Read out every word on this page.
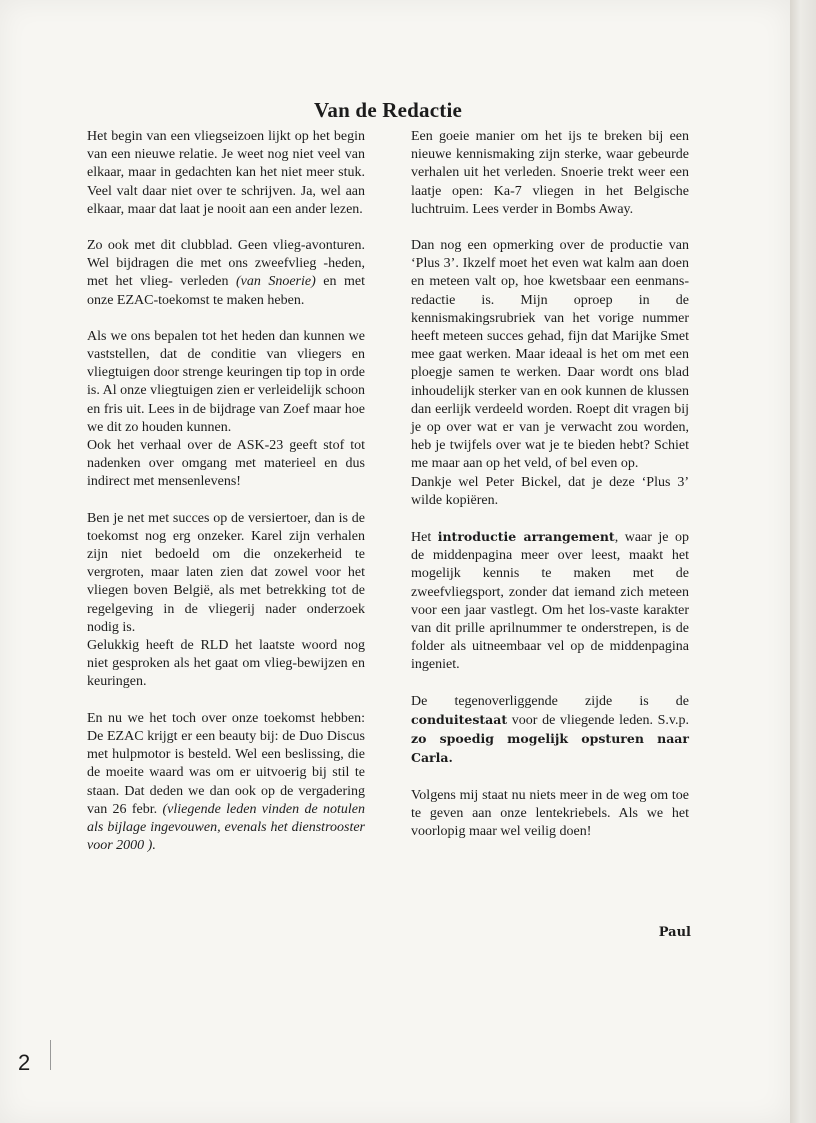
Van de Redactie

Het begin van een vliegseizoen lijkt op het begin van een nieuwe relatie. Je weet nog niet veel van elkaar, maar in gedachten kan het niet meer stuk. Veel valt daar niet over te schrijven. Ja, wel aan elkaar, maar dat laat je nooit aan een ander lezen.

Zo ook met dit clubblad. Geen vlieg-avonturen. Wel bijdragen die met ons zweefvlieg -heden, met het vlieg- verleden (van Snoerie) en met onze EZAC-toekomst te maken heben.

Als we ons bepalen tot het heden dan kunnen we vaststellen, dat de conditie van vliegers en vliegtuigen door strenge keuringen tip top in orde is. Al onze vliegtuigen zien er verleidelijk schoon en fris uit. Lees in de bijdrage van Zoef maar hoe we dit zo houden kunnen.

Ook het verhaal over de ASK-23 geeft stof tot nadenken over omgang met materieel en dus indirect met mensenlevens!

Ben je net met succes op de versiertoer, dan is de toekomst nog erg onzeker. Karel zijn verhalen zijn niet bedoeld om die onzekerheid te vergroten, maar laten zien dat zowel voor het vliegen boven België, als met betrekking tot de regelgeving in de vliegerij nader onderzoek nodig is.

Gelukkig heeft de RLD het laatste woord nog niet gesproken als het gaat om vlieg-bewijzen en keuringen.

En nu we het toch over onze toekomst hebben: De EZAC krijgt er een beauty bij: de Duo Discus met hulpmotor is besteld. Wel een beslissing, die de moeite waard was om er uitvoerig bij stil te staan. Dat deden we dan ook op de vergadering van 26 febr. (vliegende leden vinden de notulen als bijlage ingevouwen, evenals het dienstrooster voor 2000 ).

Een goeie manier om het ijs te breken bij een nieuwe kennismaking zijn sterke, waar gebeurde verhalen uit het verleden. Snoerie trekt weer een laatje open: Ka-7 vliegen in het Belgische luchtruim. Lees verder in Bombs Away.

Dan nog een opmerking over de productie van ‘Plus 3’. Ikzelf moet het even wat kalm aan doen en meteen valt op, hoe kwetsbaar een eenmans-redactie is. Mijn oproep in de kennismakingsrubriek van het vorige nummer heeft meteen succes gehad, fijn dat Marijke Smet mee gaat werken. Maar ideaal is het om met een ploegje samen te werken. Daar wordt ons blad inhoudelijk sterker van en ook kunnen de klussen dan eerlijk verdeeld worden. Roept dit vragen bij je op over wat er van je verwacht zou worden, heb je twijfels over wat je te bieden hebt? Schiet me maar aan op het veld, of bel even op.

Dankje wel Peter Bickel, dat je deze ‘Plus 3’ wilde kopiëren.

Het introductie arrangement, waar je op de middenpagina meer over leest, maakt het mogelijk kennis te maken met de zweefvliegsport, zonder dat iemand zich meteen voor een jaar vastlegt. Om het los-vaste karakter van dit prille aprilnummer te onderstrepen, is de folder als uitneembaar vel op de middenpagina ingeniet.

De tegenoverliggende zijde is de conduitestaat voor de vliegende leden. S.v.p. zo spoedig mogelijk opsturen naar Carla.

Volgens mij staat nu niets meer in de weg om toe te geven aan onze lentekriebels. Als we het voorlopig maar wel veilig doen!

Paul
2
